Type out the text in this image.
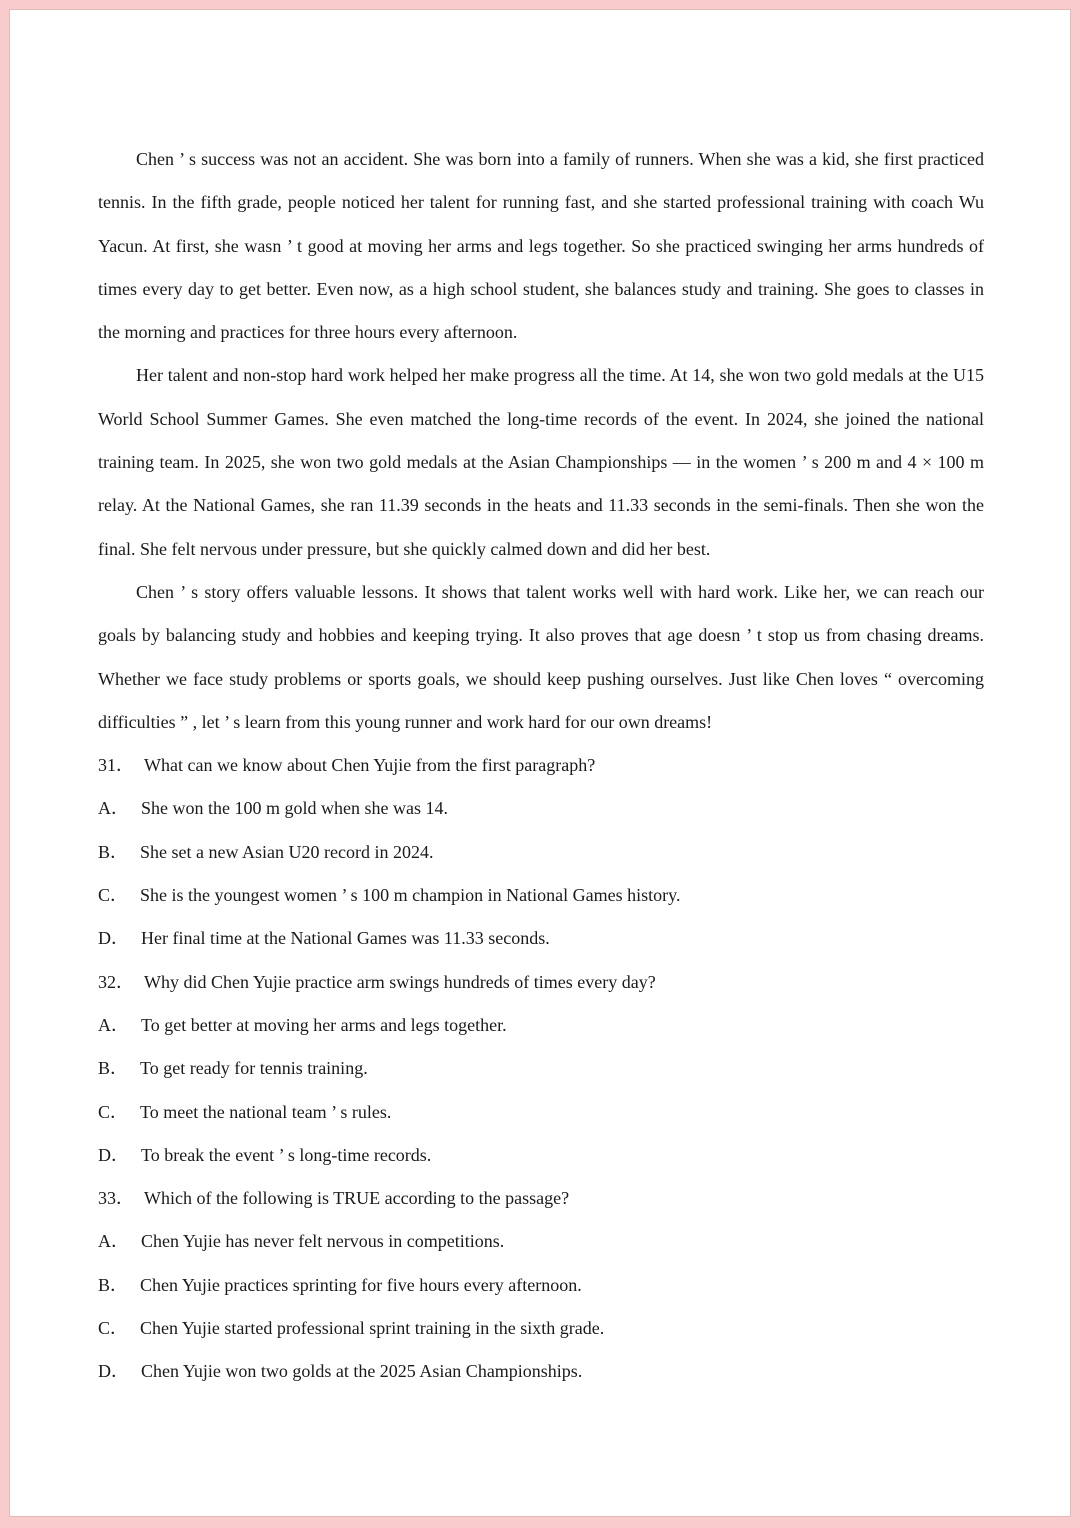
Chen ’ s success was not an accident. She was born into a family of runners. When she was a kid, she first practiced tennis. In the fifth grade, people noticed her talent for running fast, and she started professional training with coach Wu Yacun. At first, she wasn ’ t good at moving her arms and legs together. So she practiced swinging her arms hundreds of times every day to get better. Even now, as a high school student, she balances study and training. She goes to classes in the morning and practices for three hours every afternoon.

Her talent and non-stop hard work helped her make progress all the time. At 14, she won two gold medals at the U15 World School Summer Games. She even matched the long-time records of the event. In 2024, she joined the national training team. In 2025, she won two gold medals at the Asian Championships — in the women ’ s 200 m and 4 × 100 m relay. At the National Games, she ran 11.39 seconds in the heats and 11.33 seconds in the semi-finals. Then she won the final. She felt nervous under pressure, but she quickly calmed down and did her best.

Chen ’ s story offers valuable lessons. It shows that talent works well with hard work. Like her, we can reach our goals by balancing study and hobbies and keeping trying. It also proves that age doesn ’ t stop us from chasing dreams. Whether we face study problems or sports goals, we should keep pushing ourselves. Just like Chen loves “ overcoming difficulties ” , let ’ s learn from this young runner and work hard for our own dreams!

31． What can we know about Chen Yujie from the first paragraph?

A． She won the 100 m gold when she was 14.

B． She set a new Asian U20 record in 2024.

C． She is the youngest women ’ s 100 m champion in National Games history.

D． Her final time at the National Games was 11.33 seconds.

32． Why did Chen Yujie practice arm swings hundreds of times every day?

A． To get better at moving her arms and legs together.

B． To get ready for tennis training.

C． To meet the national team ’ s rules.

D． To break the event ’ s long-time records.

33． Which of the following is TRUE according to the passage?

A． Chen Yujie has never felt nervous in competitions.

B． Chen Yujie practices sprinting for five hours every afternoon.

C． Chen Yujie started professional sprint training in the sixth grade.

D． Chen Yujie won two golds at the 2025 Asian Championships.
